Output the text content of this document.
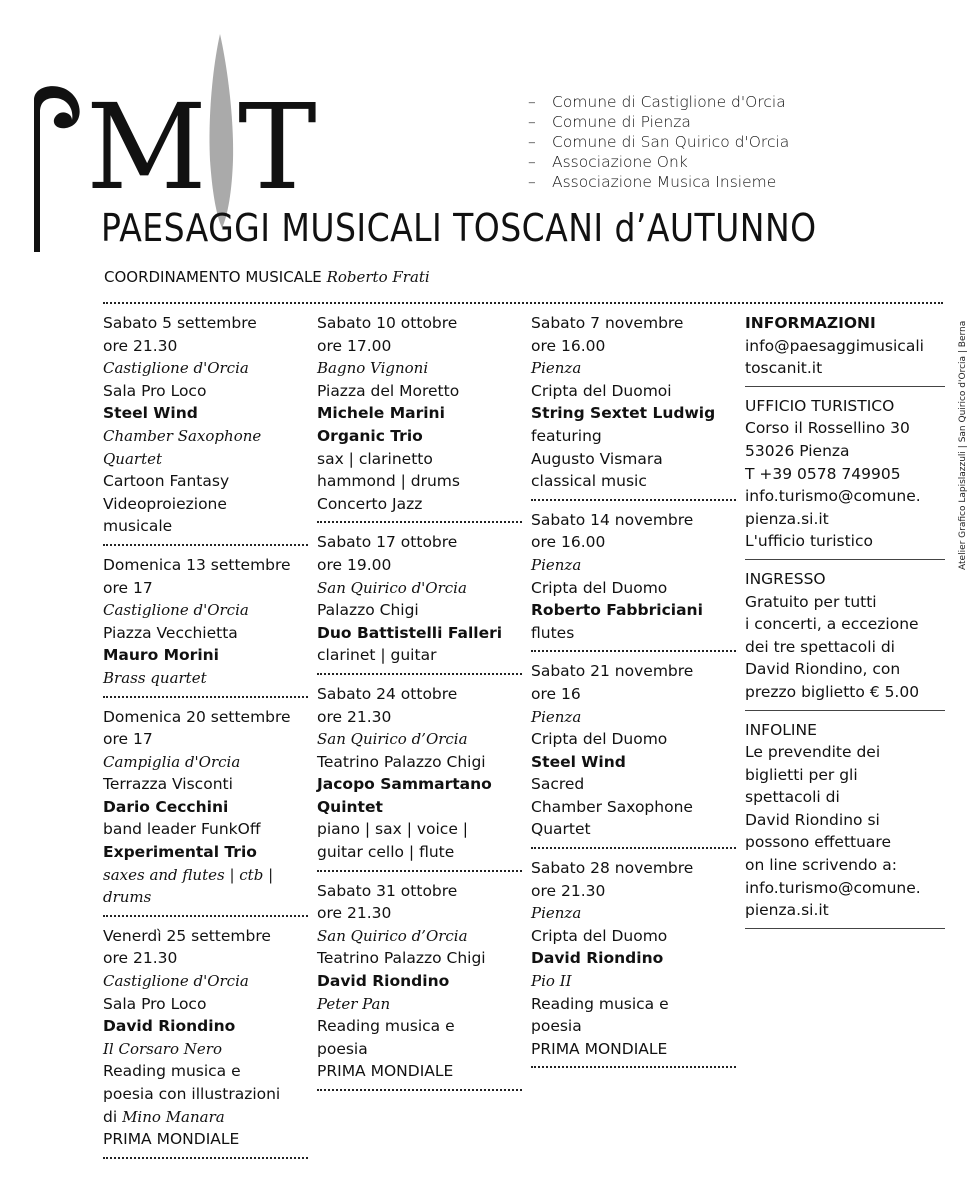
M T	– Comune di Castiglione d'Orcia
– Comune di Pienza
– Comune di San Quirico d'Orcia
– Associazione Onk
– Associazione Musica Insieme
PAESAGGI MUSICALI TOSCANI d’AUTUNNO
COORDINAMENTO MUSICALE Roberto Frati
Sabato 5 settembre
ore 21.30
Castiglione d'Orcia
Sala Pro Loco
Steel Wind
Chamber Saxophone
Quartet
Cartoon Fantasy
Videoproiezione
musicale
Domenica 13 settembre
ore 17
Castiglione d'Orcia
Piazza Vecchietta
Mauro Morini
Brass quartet
Domenica 20 settembre
ore 17
Campiglia d'Orcia
Terrazza Visconti
Dario Cecchini
band leader FunkOff
Experimental Trio
saxes and flutes | ctb |
drums
Venerdì 25 settembre
ore 21.30
Castiglione d'Orcia
Sala Pro Loco
David Riondino
Il Corsaro Nero
Reading musica e
poesia con illustrazioni
di Mino Manara
PRIMA MONDIALE
Sabato 10 ottobre
ore 17.00
Bagno Vignoni
Piazza del Moretto
Michele Marini
Organic Trio
sax | clarinetto
hammond | drums
Concerto Jazz
Sabato 17 ottobre
ore 19.00
San Quirico d'Orcia
Palazzo Chigi
Duo Battistelli Falleri
clarinet | guitar
Sabato 24 ottobre
ore 21.30
San Quirico d’Orcia
Teatrino Palazzo Chigi
Jacopo Sammartano
Quintet
piano | sax | voice |
guitar cello | flute
Sabato 31 ottobre
ore 21.30
San Quirico d’Orcia
Teatrino Palazzo Chigi
David Riondino
Peter Pan
Reading musica e
poesia
PRIMA MONDIALE
Sabato 7 novembre
ore 16.00
Pienza
Cripta del Duomoi
String Sextet Ludwig
featuring
Augusto Vismara
classical music
Sabato 14 novembre
ore 16.00
Pienza
Cripta del Duomo
Roberto Fabbriciani
flutes
Sabato 21 novembre
ore 16
Pienza
Cripta del Duomo
Steel Wind
Sacred
Chamber Saxophone
Quartet
Sabato 28 novembre
ore 21.30
Pienza
Cripta del Duomo
David Riondino
Pio II
Reading musica e
poesia
PRIMA MONDIALE
INFORMAZIONI
info@paesaggimusicali
toscanit.it
UFFICIO TURISTICO
Corso il Rossellino 30
53026 Pienza
T +39 0578 749905
info.turismo@comune.
pienza.si.it
L'ufficio turistico
INGRESSO
Gratuito per tutti
i concerti, a eccezione
dei tre spettacoli di
David Riondino, con
prezzo biglietto € 5.00
INFOLINE
Le prevendite dei
biglietti per gli
spettacoli di
David Riondino si
possono effettuare
on line scrivendo a:
info.turismo@comune.
pienza.si.it
Atelier Grafico Lapislazzuli | San Quirico d'Orcia | Berna
